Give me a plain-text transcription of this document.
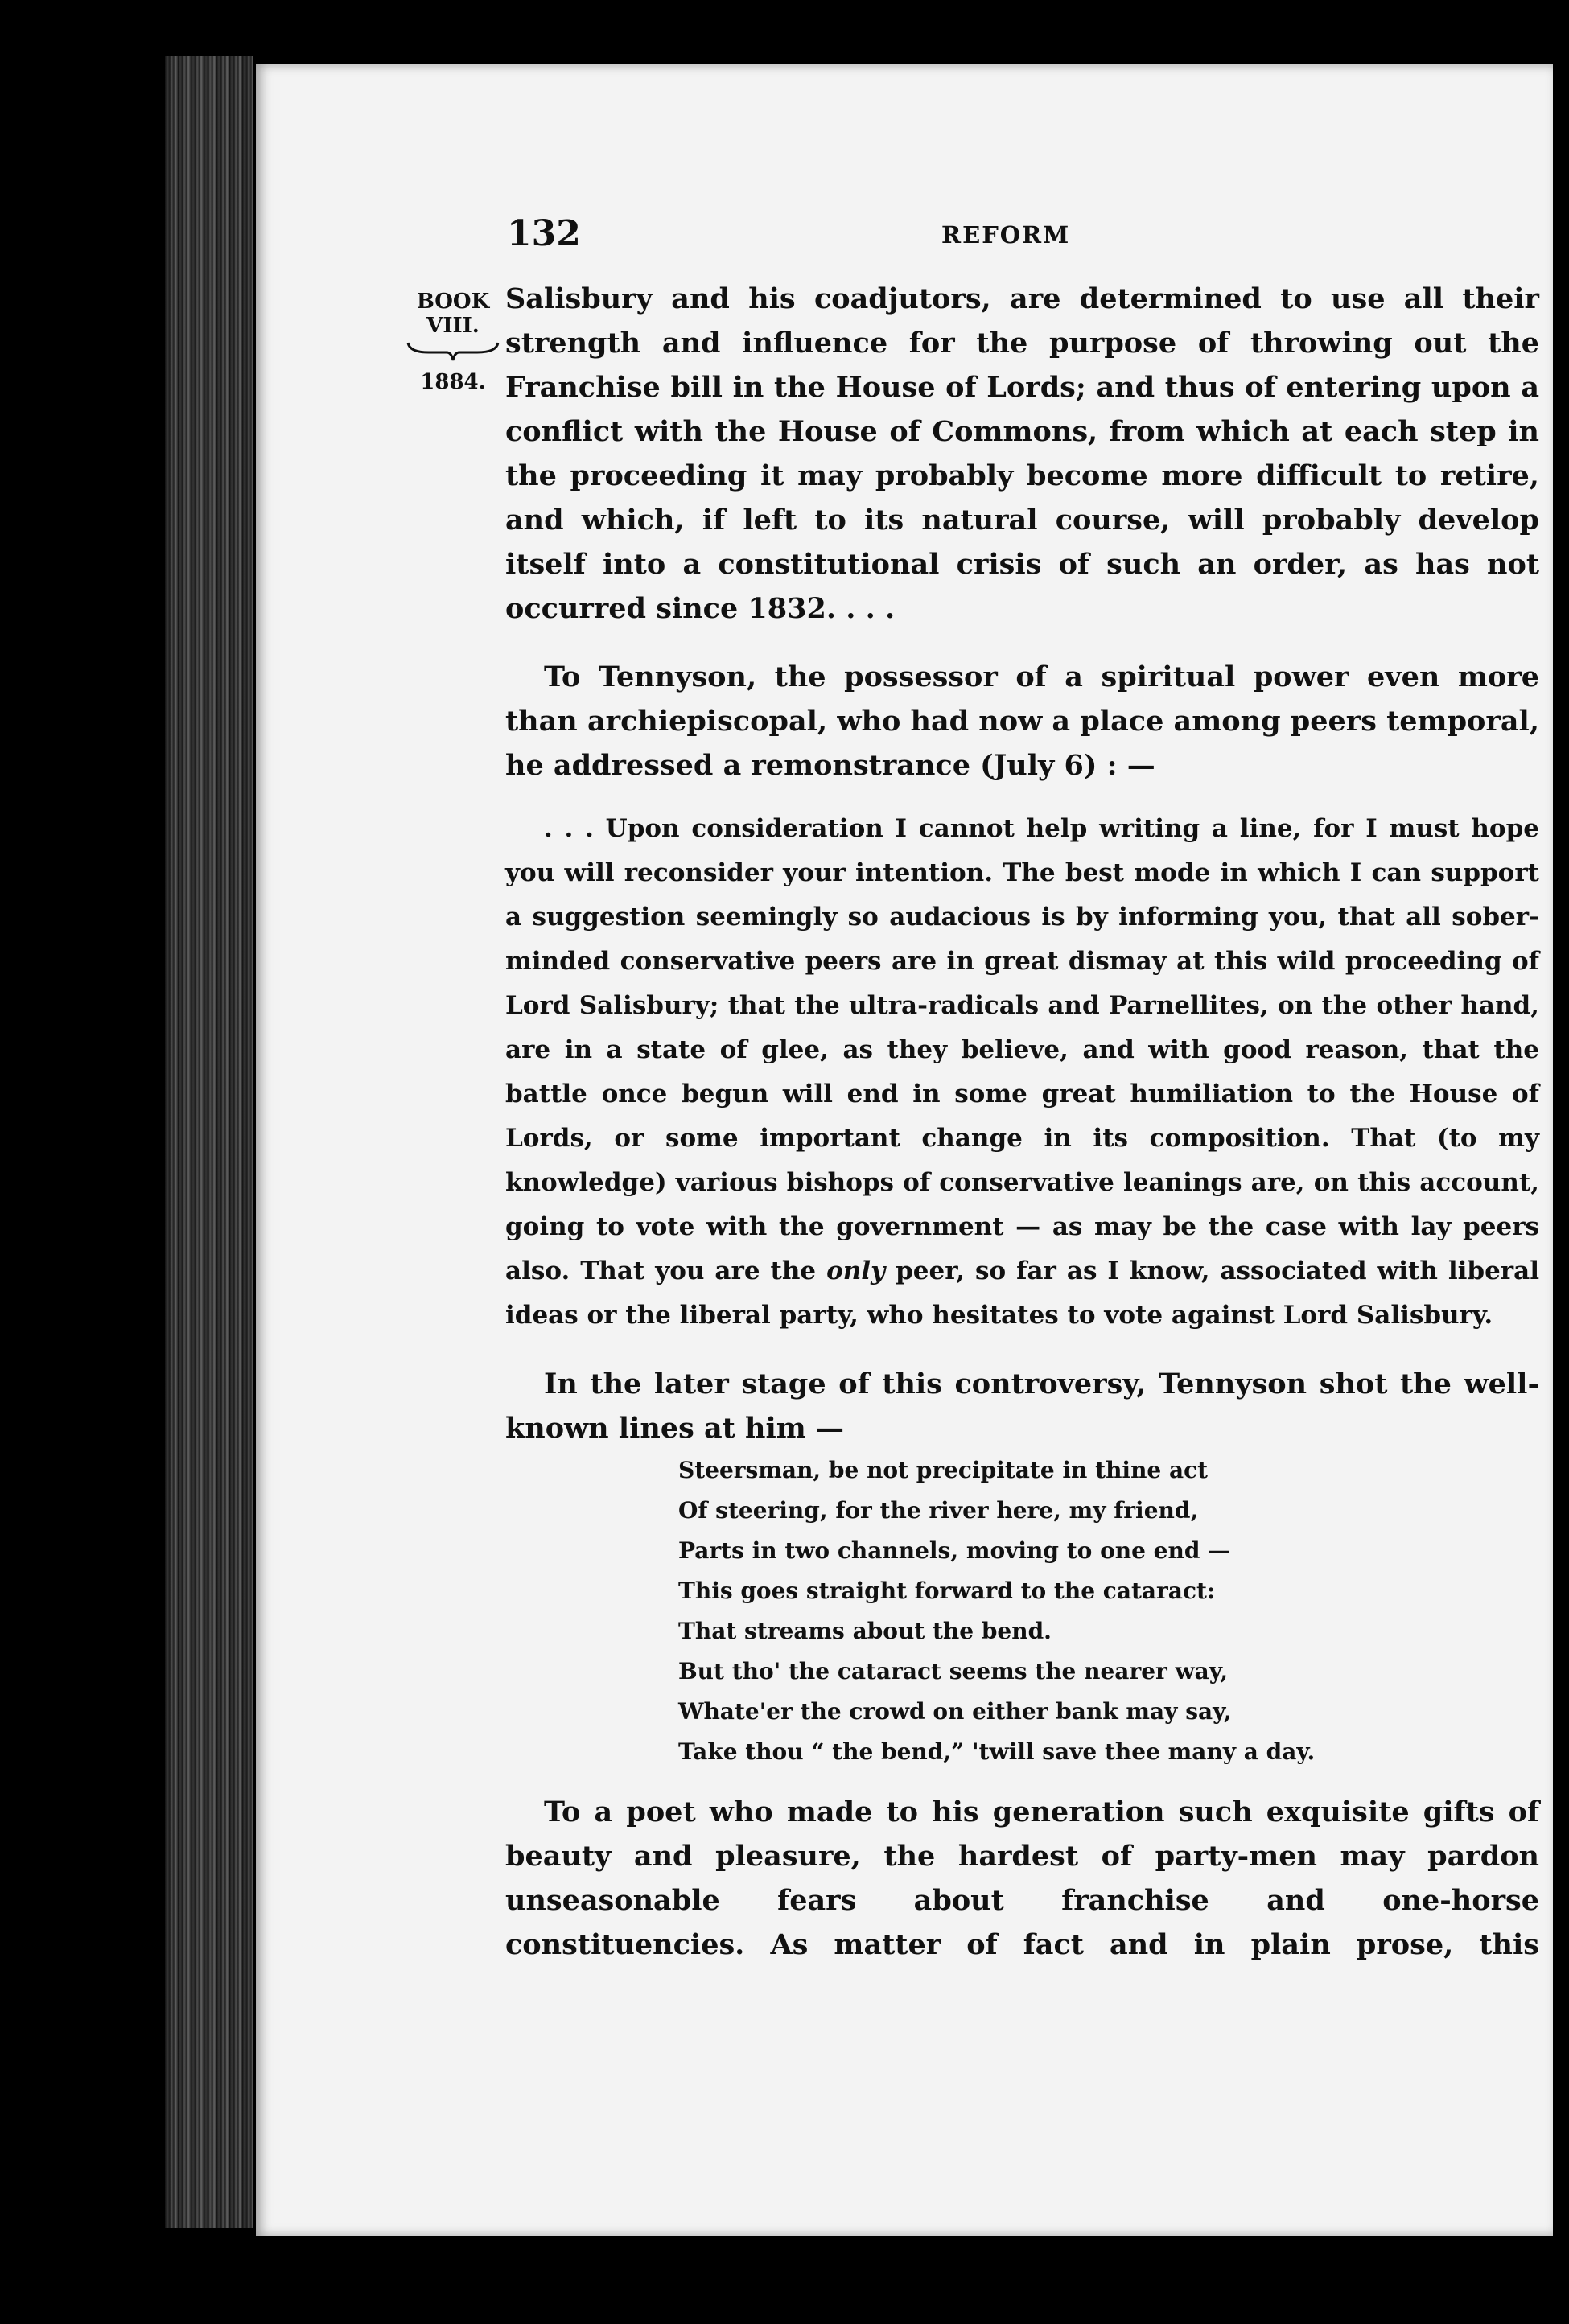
132	REFORM
BOOK
VIII.
1884.

Salisbury and his coadjutors, are determined to use all their strength and influence for the purpose of throwing out the Franchise bill in the House of Lords; and thus of entering upon a conflict with the House of Commons, from which at each step in the proceeding it may probably become more difficult to retire, and which, if left to its natural course, will probably develop itself into a constitutional crisis of such an order, as has not occurred since 1832. . . .

To Tennyson, the possessor of a spiritual power even more than archiepiscopal, who had now a place among peers temporal, he addressed a remonstrance (July 6) : —

. . . Upon consideration I cannot help writing a line, for I must hope you will reconsider your intention. The best mode in which I can support a suggestion seemingly so audacious is by informing you, that all sober-minded conservative peers are in great dismay at this wild proceeding of Lord Salisbury; that the ultra-radicals and Parnellites, on the other hand, are in a state of glee, as they believe, and with good reason, that the battle once begun will end in some great humiliation to the House of Lords, or some important change in its composition. That (to my knowledge) various bishops of conservative leanings are, on this account, going to vote with the government — as may be the case with lay peers also. That you are the only peer, so far as I know, associated with liberal ideas or the liberal party, who hesitates to vote against Lord Salisbury.

In the later stage of this controversy, Tennyson shot the well-known lines at him —

Steersman, be not precipitate in thine act
Of steering, for the river here, my friend,
Parts in two channels, moving to one end —
This goes straight forward to the cataract:
That streams about the bend.
But tho' the cataract seems the nearer way,
Whate'er the crowd on either bank may say,
Take thou “ the bend,” 'twill save thee many a day.

To a poet who made to his generation such exquisite gifts of beauty and pleasure, the hardest of party-men may pardon unseasonable fears about franchise and one-horse constituencies. As matter of fact and in plain prose, this
